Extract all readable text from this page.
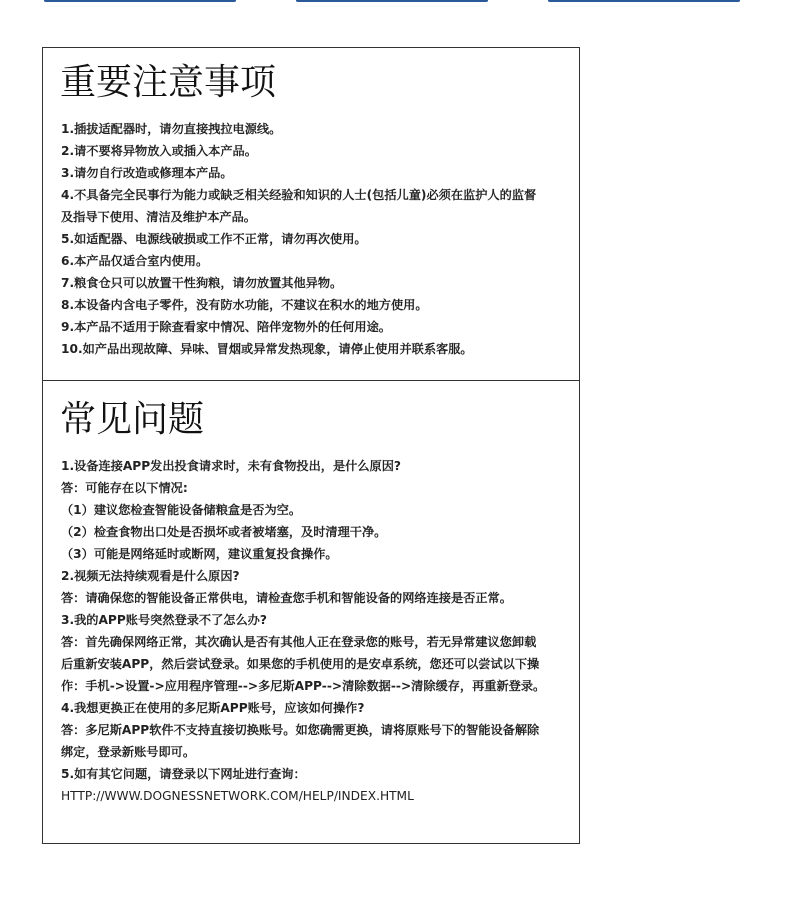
重要注意事项
1.插拔适配器时，请勿直接拽拉电源线。
2.请不要将异物放入或插入本产品。
3.请勿自行改造或修理本产品。
4.不具备完全民事行为能力或缺乏相关经验和知识的人士(包括儿童)必须在监护人的监督
及指导下使用、清洁及维护本产品。
5.如适配器、电源线破损或工作不正常，请勿再次使用。
6.本产品仅适合室内使用。
7.粮食仓只可以放置干性狗粮，请勿放置其他异物。
8.本设备内含电子零件，没有防水功能，不建议在积水的地方使用。
9.本产品不适用于除查看家中情况、陪伴宠物外的任何用途。
10.如产品出现故障、异味、冒烟或异常发热现象，请停止使用并联系客服。
常见问题
1.设备连接APP发出投食请求时，未有食物投出，是什么原因?
答：可能存在以下情况:
（1）建议您检查智能设备储粮盒是否为空。
（2）检查食物出口处是否损坏或者被堵塞，及时清理干净。
（3）可能是网络延时或断网，建议重复投食操作。
2.视频无法持续观看是什么原因?
答：请确保您的智能设备正常供电，请检查您手机和智能设备的网络连接是否正常。
3.我的APP账号突然登录不了怎么办?
答：首先确保网络正常，其次确认是否有其他人正在登录您的账号，若无异常建议您卸载
后重新安装APP，然后尝试登录。如果您的手机使用的是安卓系统，您还可以尝试以下操
作：手机->设置->应用程序管理-->多尼斯APP-->清除数据-->清除缓存，再重新登录。
4.我想更换正在使用的多尼斯APP账号，应该如何操作?
答：多尼斯APP软件不支持直接切换账号。如您确需更换，请将原账号下的智能设备解除
绑定，登录新账号即可。
5.如有其它问题，请登录以下网址进行查询：
HTTP://WWW.DOGNESSNETWORK.COM/HELP/INDEX.HTML
